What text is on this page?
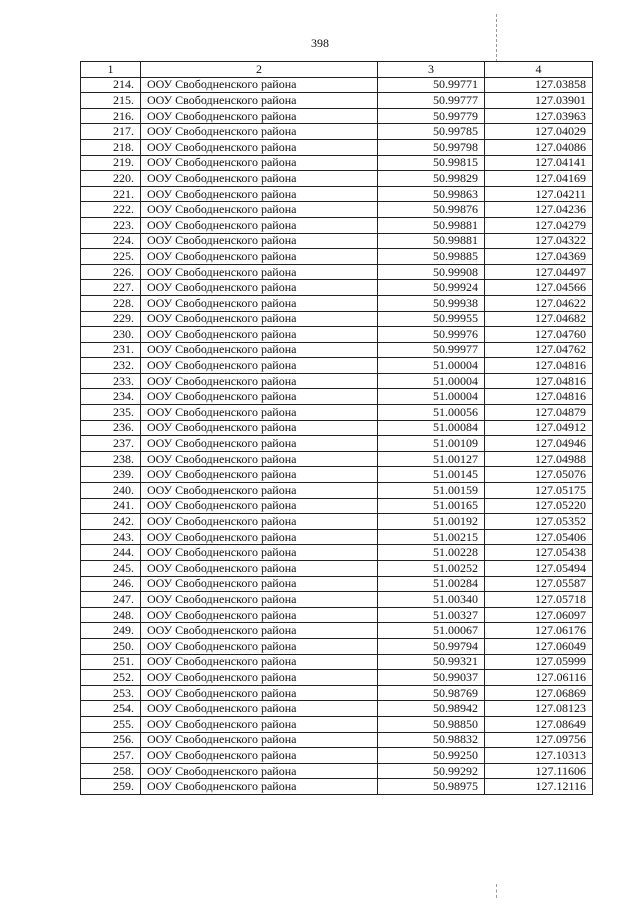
398
1	2	3	4
214.	ООУ Свободненского района	50.99771	127.03858
215.	ООУ Свободненского района	50.99777	127.03901
216.	ООУ Свободненского района	50.99779	127.03963
217.	ООУ Свободненского района	50.99785	127.04029
218.	ООУ Свободненского района	50.99798	127.04086
219.	ООУ Свободненского района	50.99815	127.04141
220.	ООУ Свободненского района	50.99829	127.04169
221.	ООУ Свободненского района	50.99863	127.04211
222.	ООУ Свободненского района	50.99876	127.04236
223.	ООУ Свободненского района	50.99881	127.04279
224.	ООУ Свободненского района	50.99881	127.04322
225.	ООУ Свободненского района	50.99885	127.04369
226.	ООУ Свободненского района	50.99908	127.04497
227.	ООУ Свободненского района	50.99924	127.04566
228.	ООУ Свободненского района	50.99938	127.04622
229.	ООУ Свободненского района	50.99955	127.04682
230.	ООУ Свободненского района	50.99976	127.04760
231.	ООУ Свободненского района	50.99977	127.04762
232.	ООУ Свободненского района	51.00004	127.04816
233.	ООУ Свободненского района	51.00004	127.04816
234.	ООУ Свободненского района	51.00004	127.04816
235.	ООУ Свободненского района	51.00056	127.04879
236.	ООУ Свободненского района	51.00084	127.04912
237.	ООУ Свободненского района	51.00109	127.04946
238.	ООУ Свободненского района	51.00127	127.04988
239.	ООУ Свободненского района	51.00145	127.05076
240.	ООУ Свободненского района	51.00159	127.05175
241.	ООУ Свободненского района	51.00165	127.05220
242.	ООУ Свободненского района	51.00192	127.05352
243.	ООУ Свободненского района	51.00215	127.05406
244.	ООУ Свободненского района	51.00228	127.05438
245.	ООУ Свободненского района	51.00252	127.05494
246.	ООУ Свободненского района	51.00284	127.05587
247.	ООУ Свободненского района	51.00340	127.05718
248.	ООУ Свободненского района	51.00327	127.06097
249.	ООУ Свободненского района	51.00067	127.06176
250.	ООУ Свободненского района	50.99794	127.06049
251.	ООУ Свободненского района	50.99321	127.05999
252.	ООУ Свободненского района	50.99037	127.06116
253.	ООУ Свободненского района	50.98769	127.06869
254.	ООУ Свободненского района	50.98942	127.08123
255.	ООУ Свободненского района	50.98850	127.08649
256.	ООУ Свободненского района	50.98832	127.09756
257.	ООУ Свободненского района	50.99250	127.10313
258.	ООУ Свободненского района	50.99292	127.11606
259.	ООУ Свободненского района	50.98975	127.12116
